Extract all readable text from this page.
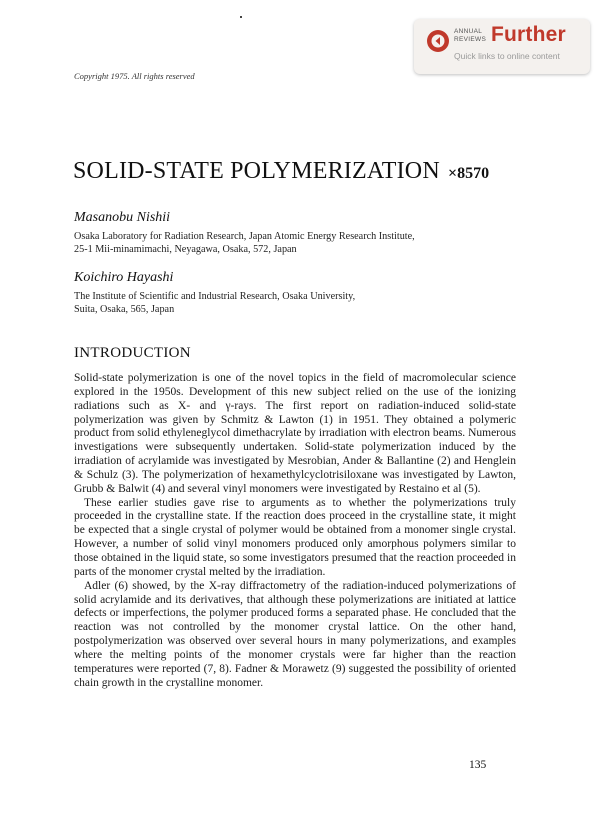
ANNUAL
REVIEWS Further
Quick links to online content
Copyright 1975. All rights reserved
SOLID-STATE POLYMERIZATION ×8570
Masanobu Nishii
Osaka Laboratory for Radiation Research, Japan Atomic Energy Research Institute,
25-1 Mii-minamimachi, Neyagawa, Osaka, 572, Japan
Koichiro Hayashi
The Institute of Scientific and Industrial Research, Osaka University,
Suita, Osaka, 565, Japan
INTRODUCTION

Solid-state polymerization is one of the novel topics in the field of macromolecular science explored in the 1950s. Development of this new subject relied on the use of the ionizing radiations such as X- and γ-rays. The first report on radiation-induced solid-state polymerization was given by Schmitz & Lawton (1) in 1951. They obtained a polymeric product from solid ethyleneglycol dimethacrylate by irradiation with electron beams. Numerous investigations were subsequently undertaken. Solid-state polymerization induced by the irradiation of acrylamide was investigated by Mesrobian, Ander & Ballantine (2) and Henglein & Schulz (3). The polymerization of hexamethylcyclotrisiloxane was investigated by Lawton, Grubb & Balwit (4) and several vinyl monomers were investigated by Restaino et al (5).

These earlier studies gave rise to arguments as to whether the polymerizations truly proceeded in the crystalline state. If the reaction does proceed in the crystalline state, it might be expected that a single crystal of polymer would be obtained from a monomer single crystal. However, a number of solid vinyl monomers produced only amorphous polymers similar to those obtained in the liquid state, so some investigators presumed that the reaction proceeded in parts of the monomer crystal melted by the irradiation.

Adler (6) showed, by the X-ray diffractometry of the radiation-induced polymerizations of solid acrylamide and its derivatives, that although these polymerizations are initiated at lattice defects or imperfections, the polymer produced forms a separated phase. He concluded that the reaction was not controlled by the monomer crystal lattice. On the other hand, postpolymerization was observed over several hours in many polymerizations, and examples where the melting points of the monomer crystals were far higher than the reaction temperatures were reported (7, 8). Fadner & Morawetz (9) suggested the possibility of oriented chain growth in the crystalline monomer.

135
